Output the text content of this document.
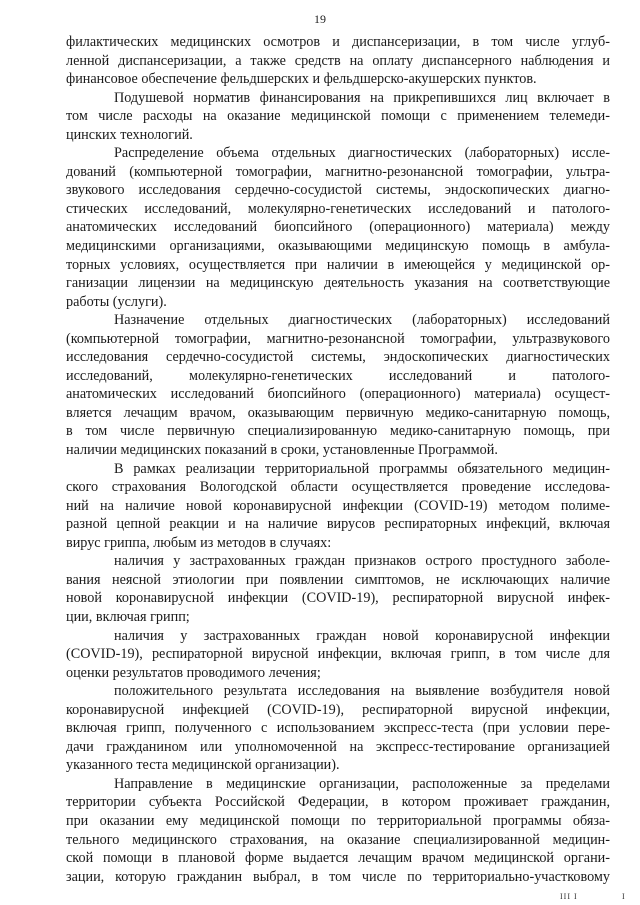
19
филактических медицинских осмотров и диспансеризации, в том числе углуб-
ленной диспансеризации, а также средств на оплату диспансерного наблюдения и
финансовое обеспечение фельдшерских и фельдшерско-акушерских пунктов.
Подушевой норматив финансирования на прикрепившихся лиц включает в
том числе расходы на оказание медицинской помощи с применением телемеди-
цинских технологий.
Распределение объема отдельных диагностических (лабораторных) иссле-
дований (компьютерной томографии, магнитно-резонансной томографии, ультра-
звукового исследования сердечно-сосудистой системы, эндоскопических диагно-
стических исследований, молекулярно-генетических исследований и патолого-
анатомических исследований биопсийного (операционного) материала) между
медицинскими организациями, оказывающими медицинскую помощь в амбула-
торных условиях, осуществляется при наличии в имеющейся у медицинской ор-
ганизации лицензии на медицинскую деятельность указания на соответствующие
работы (услуги).
Назначение отдельных диагностических (лабораторных) исследований
(компьютерной томографии, магнитно-резонансной томографии, ультразвукового
исследования сердечно-сосудистой системы, эндоскопических диагностических
исследований, молекулярно-генетических исследований и патолого-
анатомических исследований биопсийного (операционного) материала) осущест-
вляется лечащим врачом, оказывающим первичную медико-санитарную помощь,
в том числе первичную специализированную медико-санитарную помощь, при
наличии медицинских показаний в сроки, установленные Программой.
В рамках реализации территориальной программы обязательного медицин-
ского страхования Вологодской области осуществляется проведение исследова-
ний на наличие новой коронавирусной инфекции (COVID-19) методом полиме-
разной цепной реакции и на наличие вирусов респираторных инфекций, включая
вирус гриппа, любым из методов в случаях:
наличия у застрахованных граждан признаков острого простудного заболе-
вания неясной этиологии при появлении симптомов, не исключающих наличие
новой коронавирусной инфекции (COVID-19), респираторной вирусной инфек-
ции, включая грипп;
наличия у застрахованных граждан новой коронавирусной инфекции
(COVID-19), респираторной вирусной инфекции, включая грипп, в том числе для
оценки результатов проводимого лечения;
положительного результата исследования на выявление возбудителя новой
коронавирусной инфекцией (COVID-19), респираторной вирусной инфекции,
включая грипп, полученного с использованием экспресс-теста (при условии пере-
дачи гражданином или уполномоченной на экспресс-тестирование организацией
указанного теста медицинской организации).
Направление в медицинские организации, расположенные за пределами
территории субъекта Российской Федерации, в котором проживает гражданин,
при оказании ему медицинской помощи по территориальной программы обяза-
тельного медицинского страхования, на оказание специализированной медицин-
ской помощи в плановой форме выдается лечащим врачом медицинской органи-
зации, которую гражданин выбрал, в том числе по территориально-участковому
ІІІ І	І
